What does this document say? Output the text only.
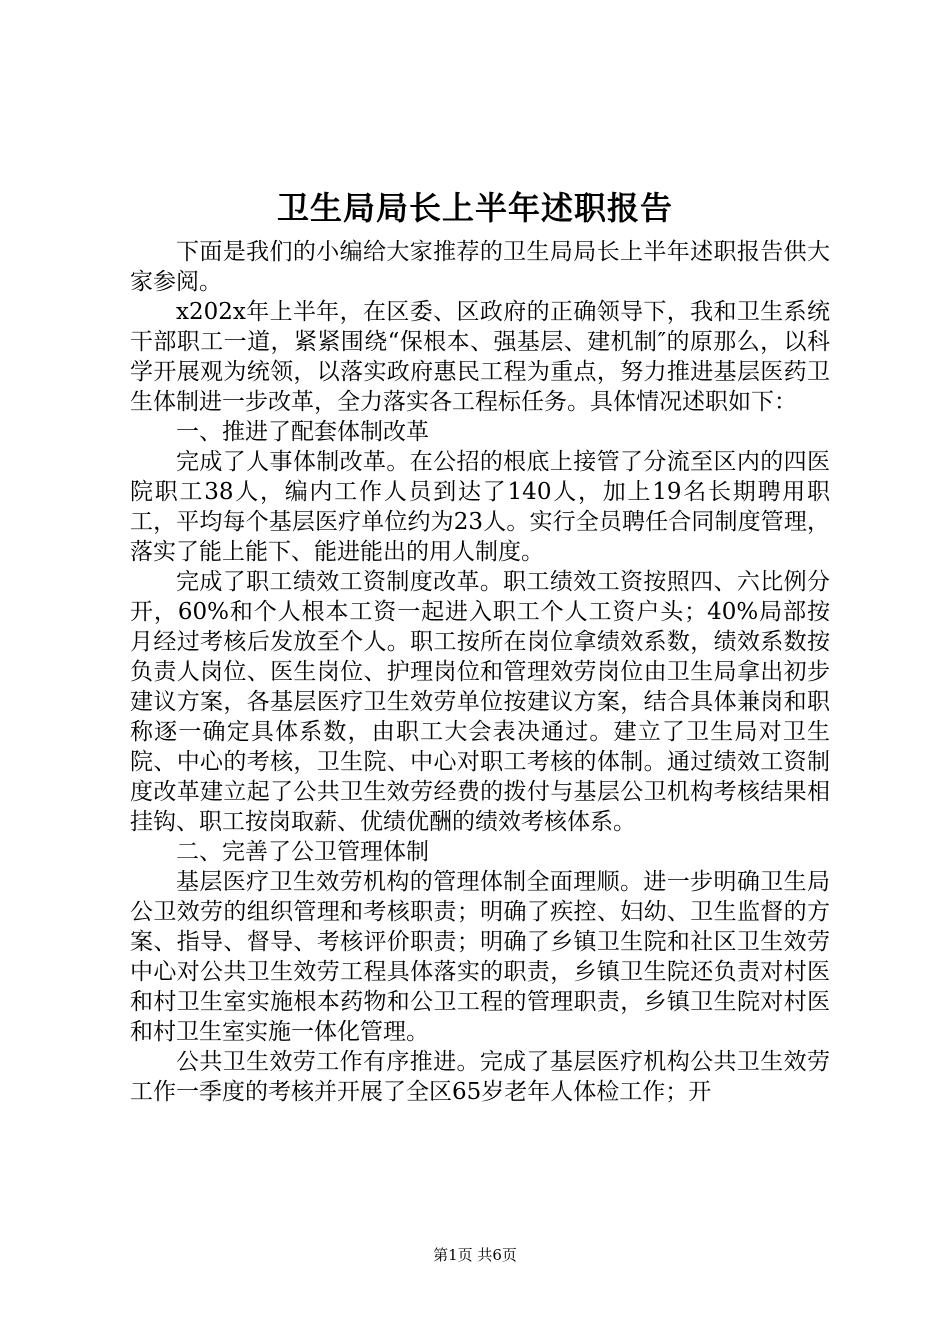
卫生局局长上半年述职报告

下面是我们的小编给大家推荐的卫生局局长上半年述职报告供大家参阅。

x202x年上半年，在区委、区政府的正确领导下，我和卫生系统干部职工一道，紧紧围绕“保根本、强基层、建机制″的原那么，以科学开展观为统领，以落实政府惠民工程为重点，努力推进基层医药卫生体制进一步改革，全力落实各工程标任务。具体情况述职如下：

一、推进了配套体制改革

完成了人事体制改革。在公招的根底上接管了分流至区内的四医院职工38人，编内工作人员到达了140人，加上19名长期聘用职工，平均每个基层医疗单位约为23人。实行全员聘任合同制度管理，落实了能上能下、能进能出的用人制度。

完成了职工绩效工资制度改革。职工绩效工资按照四、六比例分开，60%和个人根本工资一起进入职工个人工资户头；40%局部按月经过考核后发放至个人。职工按所在岗位拿绩效系数，绩效系数按负责人岗位、医生岗位、护理岗位和管理效劳岗位由卫生局拿出初步建议方案，各基层医疗卫生效劳单位按建议方案，结合具体兼岗和职称逐一确定具体系数，由职工大会表决通过。建立了卫生局对卫生院、中心的考核，卫生院、中心对职工考核的体制。通过绩效工资制度改革建立起了公共卫生效劳经费的拨付与基层公卫机构考核结果相挂钩、职工按岗取薪、优绩优酬的绩效考核体系。

二、完善了公卫管理体制

基层医疗卫生效劳机构的管理体制全面理顺。进一步明确卫生局公卫效劳的组织管理和考核职责；明确了疾控、妇幼、卫生监督的方案、指导、督导、考核评价职责；明确了乡镇卫生院和社区卫生效劳中心对公共卫生效劳工程具体落实的职责，乡镇卫生院还负责对村医和村卫生室实施根本药物和公卫工程的管理职责，乡镇卫生院对村医和村卫生室实施一体化管理。

公共卫生效劳工作有序推进。完成了基层医疗机构公共卫生效劳工作一季度的考核并开展了全区65岁老年人体检工作；开

第1页 共6页
